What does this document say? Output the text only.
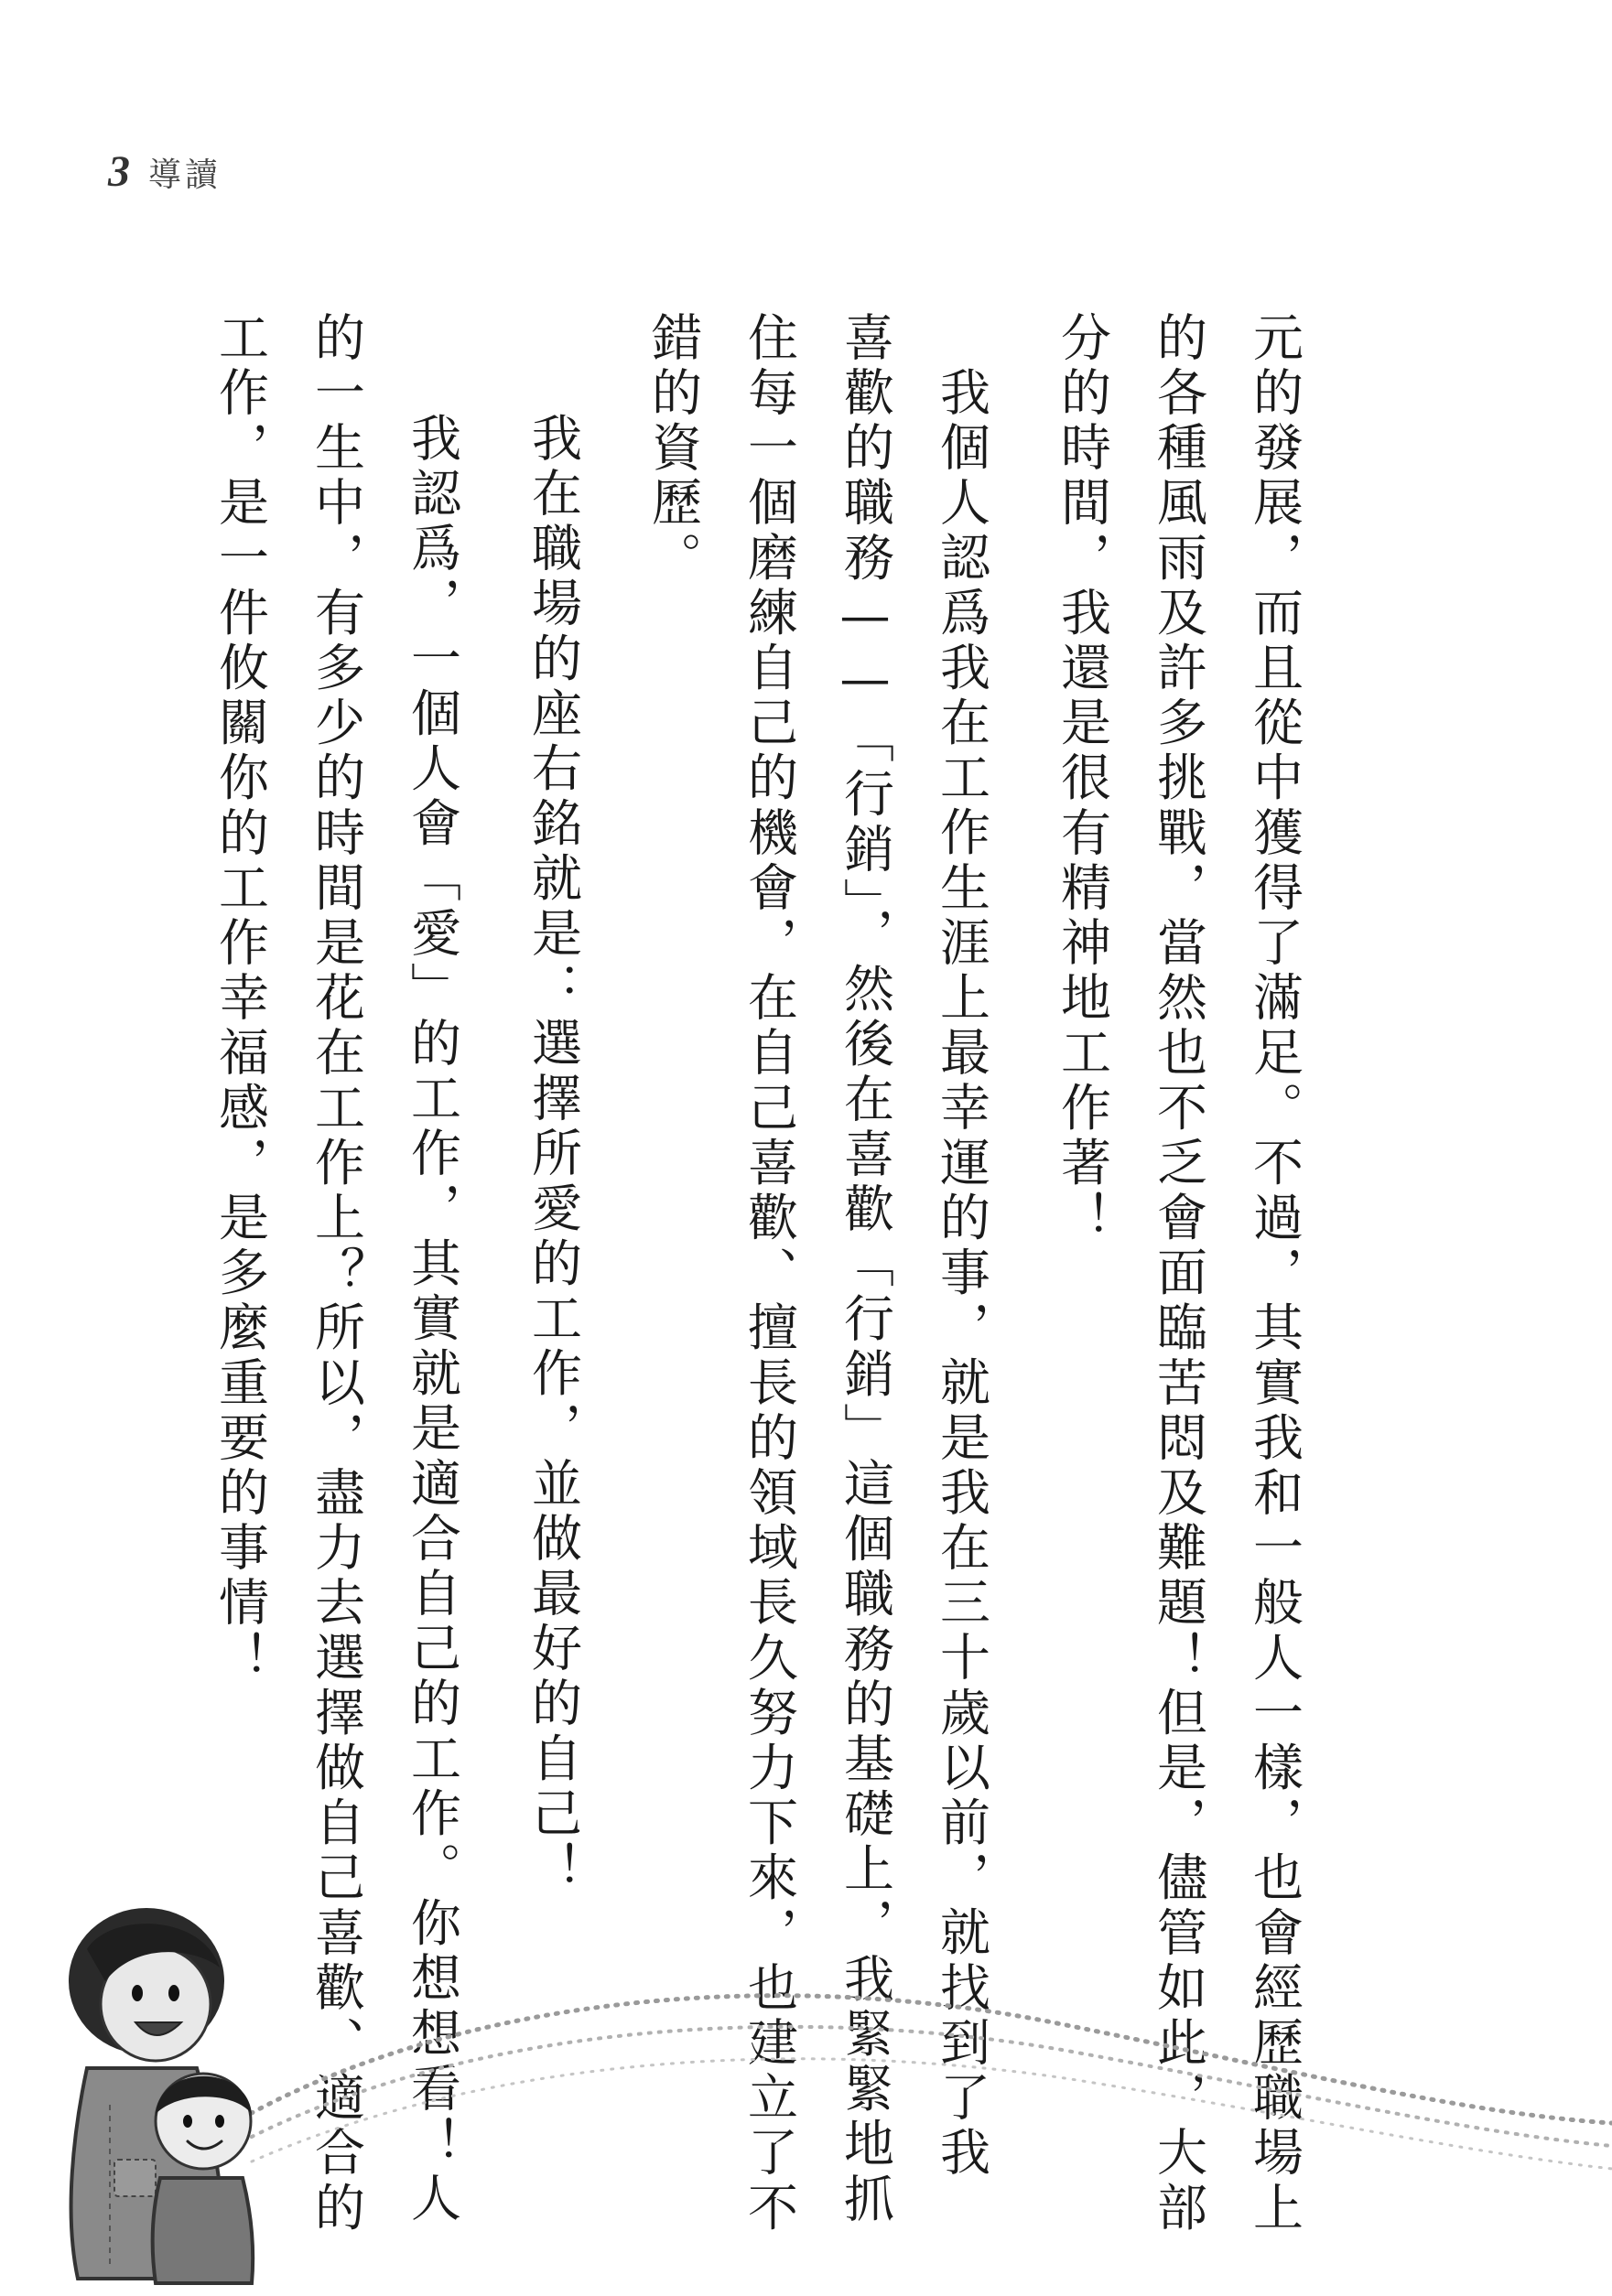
3 導讀
元的發展，而且從中獲得了滿足。不過，其實我和一般人一樣，也會經歷職場上
的各種風雨及許多挑戰，當然也不乏會面臨苦悶及難題！但是，儘管如此，大部
分的時間，我還是很有精神地工作著！
我個人認爲我在工作生涯上最幸運的事，就是我在三十歲以前，就找到了我
喜歡的職務——「行銷」，然後在喜歡「行銷」這個職務的基礎上，我緊緊地抓
住每一個磨練自己的機會，在自己喜歡、擅長的領域長久努力下來，也建立了不
錯的資歷。
我在職場的座右銘就是：選擇所愛的工作，並做最好的自己！
我認爲，一個人會「愛」的工作，其實就是適合自己的工作。你想想看！人
的一生中，有多少的時間是花在工作上？所以，盡力去選擇做自己喜歡、適合的
工作，是一件攸關你的工作幸福感，是多麼重要的事情！
